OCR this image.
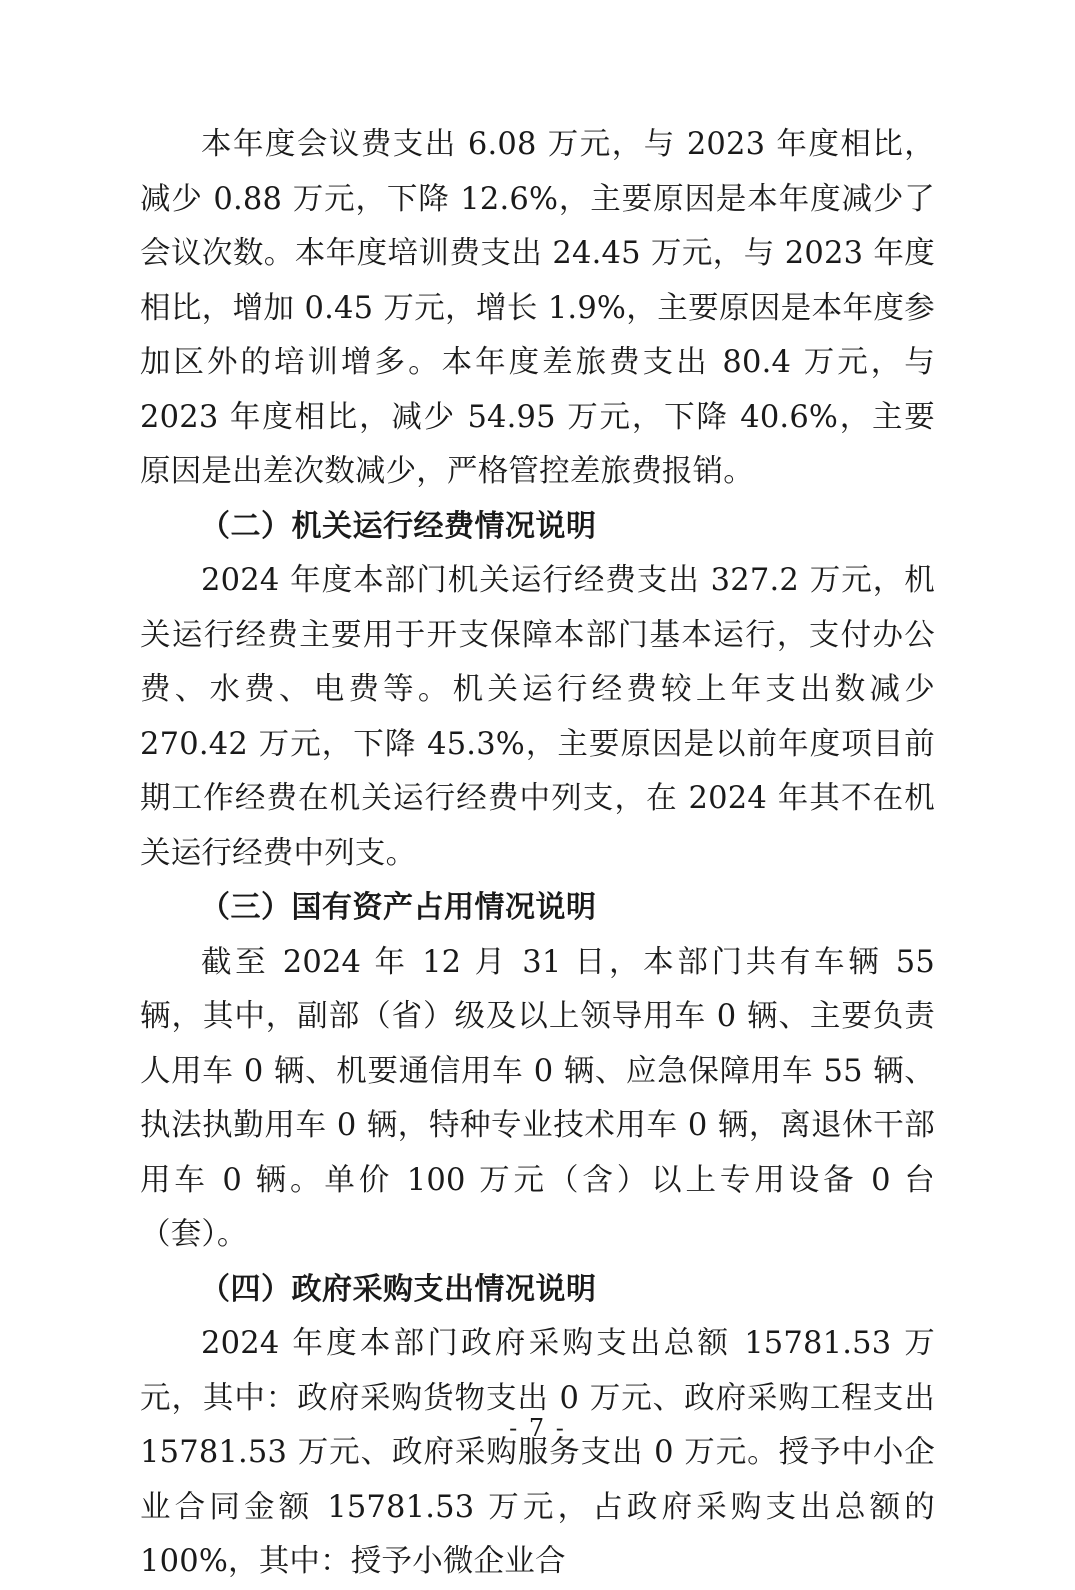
本年度会议费支出 6.08 万元，与 2023 年度相比，减少 0.88 万元，下降 12.6%，主要原因是本年度减少了会议次数。本年度培训费支出 24.45 万元，与 2023 年度相比，增加 0.45 万元，增长 1.9%，主要原因是本年度参加区外的培训增多。本年度差旅费支出 80.4 万元，与 2023 年度相比，减少 54.95 万元，下降 40.6%，主要原因是出差次数减少，严格管控差旅费报销。

（二）机关运行经费情况说明

2024 年度本部门机关运行经费支出 327.2 万元，机关运行经费主要用于开支保障本部门基本运行，支付办公费、水费、电费等。机关运行经费较上年支出数减少 270.42 万元，下降 45.3%，主要原因是以前年度项目前期工作经费在机关运行经费中列支，在 2024 年其不在机关运行经费中列支。

（三）国有资产占用情况说明

截至 2024 年 12 月 31 日，本部门共有车辆 55 辆，其中，副部（省）级及以上领导用车 0 辆、主要负责人用车 0 辆、机要通信用车 0 辆、应急保障用车 55 辆、执法执勤用车 0 辆，特种专业技术用车 0 辆，离退休干部用车 0 辆。单价 100 万元（含）以上专用设备 0 台（套）。

（四）政府采购支出情况说明

2024 年度本部门政府采购支出总额 15781.53 万元，其中：政府采购货物支出 0 万元、政府采购工程支出 15781.53 万元、政府采购服务支出 0 万元。授予中小企业合同金额 15781.53 万元，占政府采购支出总额的 100%，其中：授予小微企业合

- 7 -
